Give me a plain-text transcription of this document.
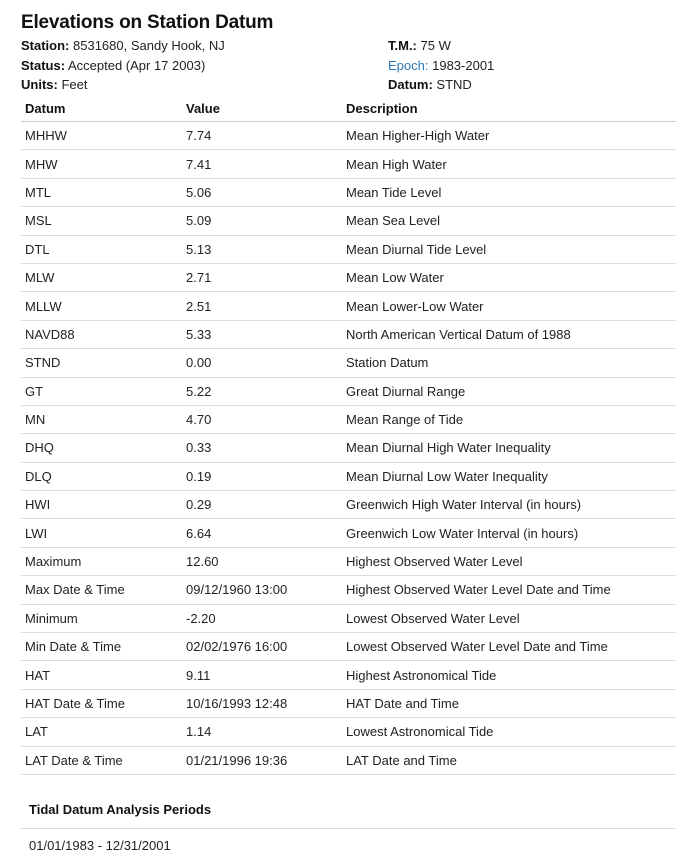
Elevations on Station Datum
Station: 8531680, Sandy Hook, NJ
Status: Accepted (Apr 17 2003)
Units: Feet
T.M.: 75 W
Epoch: 1983-2001
Datum: STND
Datum	Value	Description
MHHW	7.74	Mean Higher-High Water
MHW	7.41	Mean High Water
MTL	5.06	Mean Tide Level
MSL	5.09	Mean Sea Level
DTL	5.13	Mean Diurnal Tide Level
MLW	2.71	Mean Low Water
MLLW	2.51	Mean Lower-Low Water
NAVD88	5.33	North American Vertical Datum of 1988
STND	0.00	Station Datum
GT	5.22	Great Diurnal Range
MN	4.70	Mean Range of Tide
DHQ	0.33	Mean Diurnal High Water Inequality
DLQ	0.19	Mean Diurnal Low Water Inequality
HWI	0.29	Greenwich High Water Interval (in hours)
LWI	6.64	Greenwich Low Water Interval (in hours)
Maximum	12.60	Highest Observed Water Level
Max Date & Time	09/12/1960 13:00	Highest Observed Water Level Date and Time
Minimum	-2.20	Lowest Observed Water Level
Min Date & Time	02/02/1976 16:00	Lowest Observed Water Level Date and Time
HAT	9.11	Highest Astronomical Tide
HAT Date & Time	10/16/1993 12:48	HAT Date and Time
LAT	1.14	Lowest Astronomical Tide
LAT Date & Time	01/21/1996 19:36	LAT Date and Time
Tidal Datum Analysis Periods
01/01/1983 - 12/31/2001
